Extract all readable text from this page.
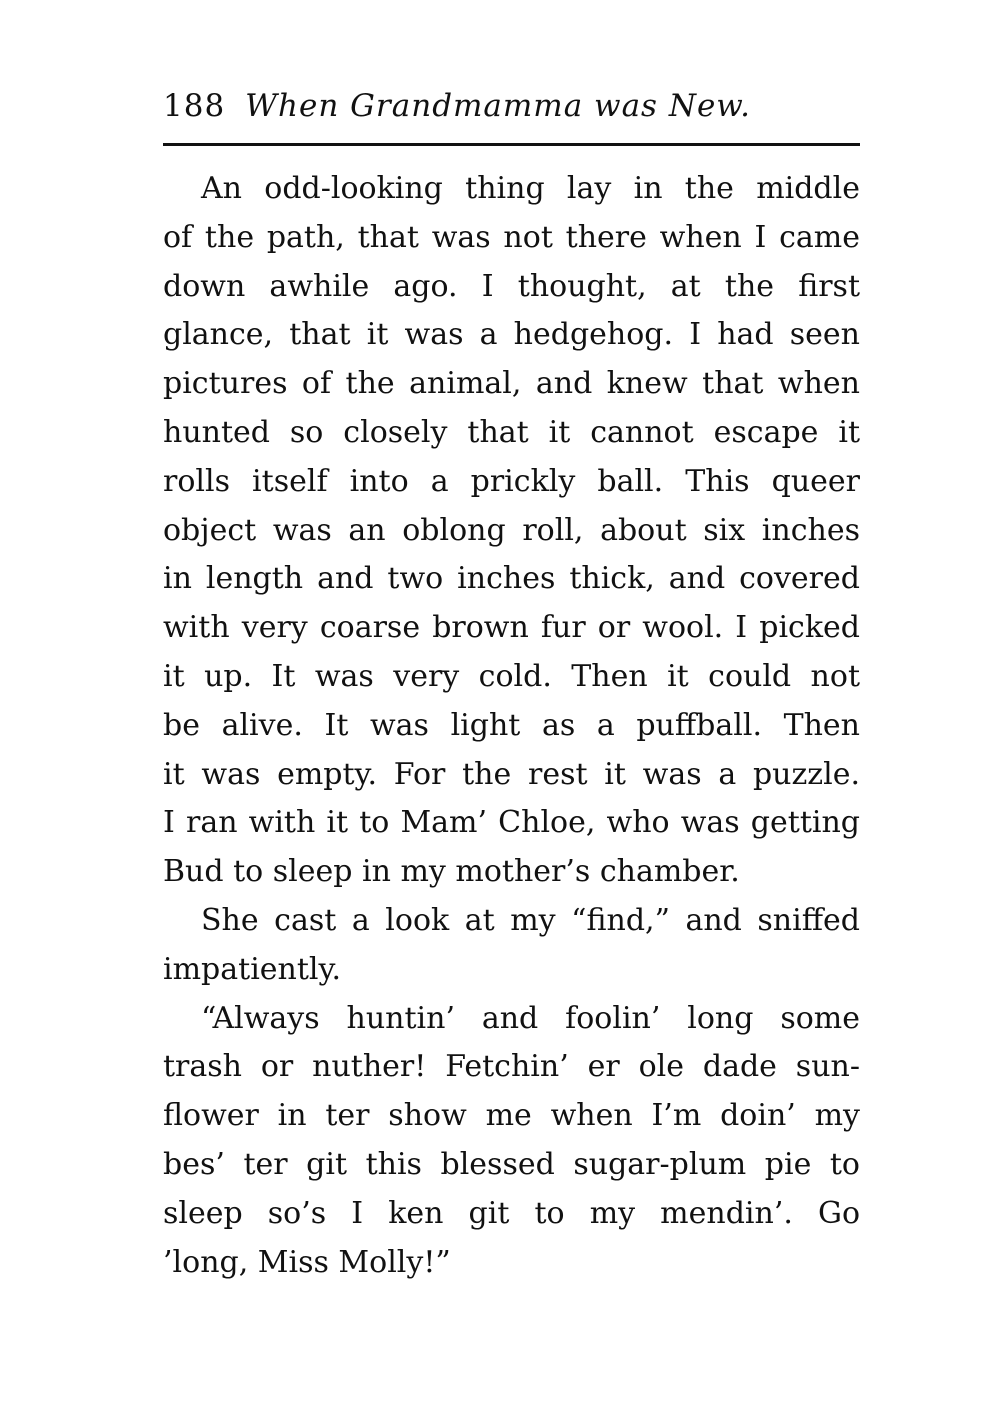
188 When Grandmamma was New.
An odd-looking thing lay in the middle
of the path, that was not there when I came
down awhile ago. I thought, at the first
glance, that it was a hedgehog. I had seen
pictures of the animal, and knew that when
hunted so closely that it cannot escape it
rolls itself into a prickly ball. This queer
object was an oblong roll, about six inches
in length and two inches thick, and covered
with very coarse brown fur or wool. I picked
it up. It was very cold. Then it could not
be alive. It was light as a puffball. Then
it was empty. For the rest it was a puzzle.
I ran with it to Mam’ Chloe, who was getting
Bud to sleep in my mother’s chamber.
She cast a look at my “find,” and sniffed
impatiently.
“Always huntin’ and foolin’ long some
trash or nuther! Fetchin’ er ole dade sun-
flower in ter show me when I’m doin’ my
bes’ ter git this blessed sugar-plum pie to
sleep so’s I ken git to my mendin’. Go
’long, Miss Molly!”
